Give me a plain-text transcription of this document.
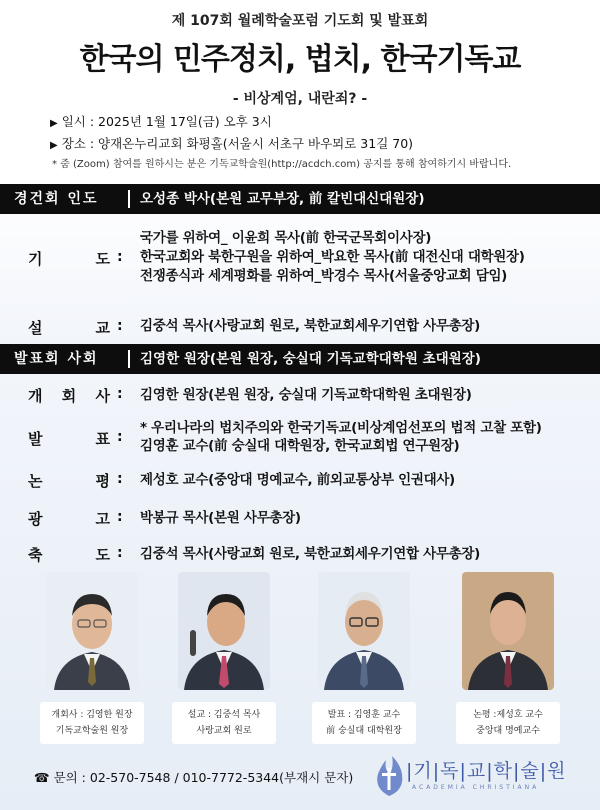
제 107회 월례학술포럼 기도회 및 발표회
한국의 민주정치, 법치, 한국기독교
- 비상계엄, 내란죄? -
▶ 일시 : 2025년 1월 17일(금) 오후 3시
▶ 장소 : 양재온누리교회 화평홀(서울시 서초구 바우뫼로 31길 70)
* 줌 (Zoom) 참여를 원하시는 분은 기독교학술원(http://acdch.com) 공지를 통해 참여하기시 바랍니다.
경건회 인도	오성종 박사(본원 교무부장, 前 칼빈대신대원장)
기	도 :
국가를 위하여_ 이윤희 목사(前 한국군목회이사장)
한국교회와 북한구원을 위하여_박요한 목사(前 대전신대 대학원장)
전쟁종식과 세계평화를 위하여_박경수 목사(서울중앙교회 담임)
설	교 : 김중석 목사(사랑교회 원로, 북한교회세우기연합 사무총장)
발표회 사회	김영한 원장(본원 원장, 숭실대 기독교학대학원 초대원장)
개 회 사 : 김영한 원장(본원 원장, 숭실대 기독교학대학원 초대원장)
발	표 :
* 우리나라의 법치주의와 한국기독교(비상계엄선포의 법적 고찰 포함)
김영훈 교수(前 숭실대 대학원장, 한국교회법 연구원장)
논	평 : 제성호 교수(중앙대 명예교수, 前외교통상부 인권대사)
광	고 : 박봉규 목사(본원 사무총장)
축	도 : 김중석 목사(사랑교회 원로, 북한교회세우기연합 사무총장)
개회사 : 김영한 원장
기독교학술원 원장
설교 : 김중석 목사
사랑교회 원로
발표 : 김영훈 교수
前 숭실대 대학원장
논평 :제성호 교수
중앙대 명예교수
☎ 문의 : 02-570-7548 / 010-7772-5344(부재시 문자)	|기|독|교|학|술|원
ACADEMIA CHRISTIANA
